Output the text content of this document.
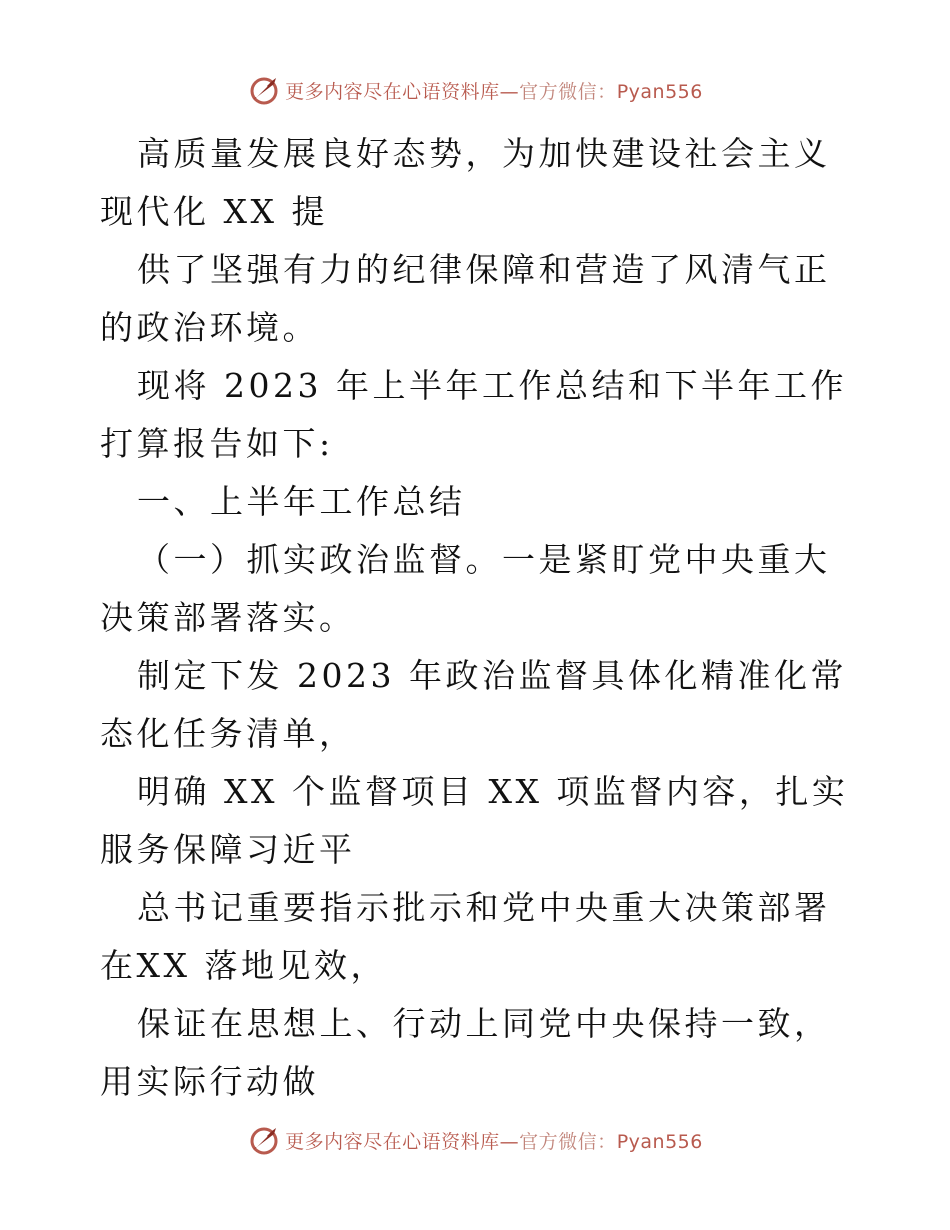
更多内容尽在心语资料库—官方微信：Pyan556

高质量发展良好态势，为加快建设社会主义现代化 XX 提

供了坚强有力的纪律保障和营造了风清气正的政治环境。

现将 2023 年上半年工作总结和下半年工作打算报告如下:

一、上半年工作总结

（一）抓实政治监督。一是紧盯党中央重大决策部署落实。

制定下发 2023 年政治监督具体化精准化常态化任务清单，

明确 XX 个监督项目 XX 项监督内容，扎实服务保障习近平

总书记重要指示批示和党中央重大决策部署在XX 落地见效，

保证在思想上、行动上同党中央保持一致，用实际行动做

更多内容尽在心语资料库—官方微信：Pyan556
